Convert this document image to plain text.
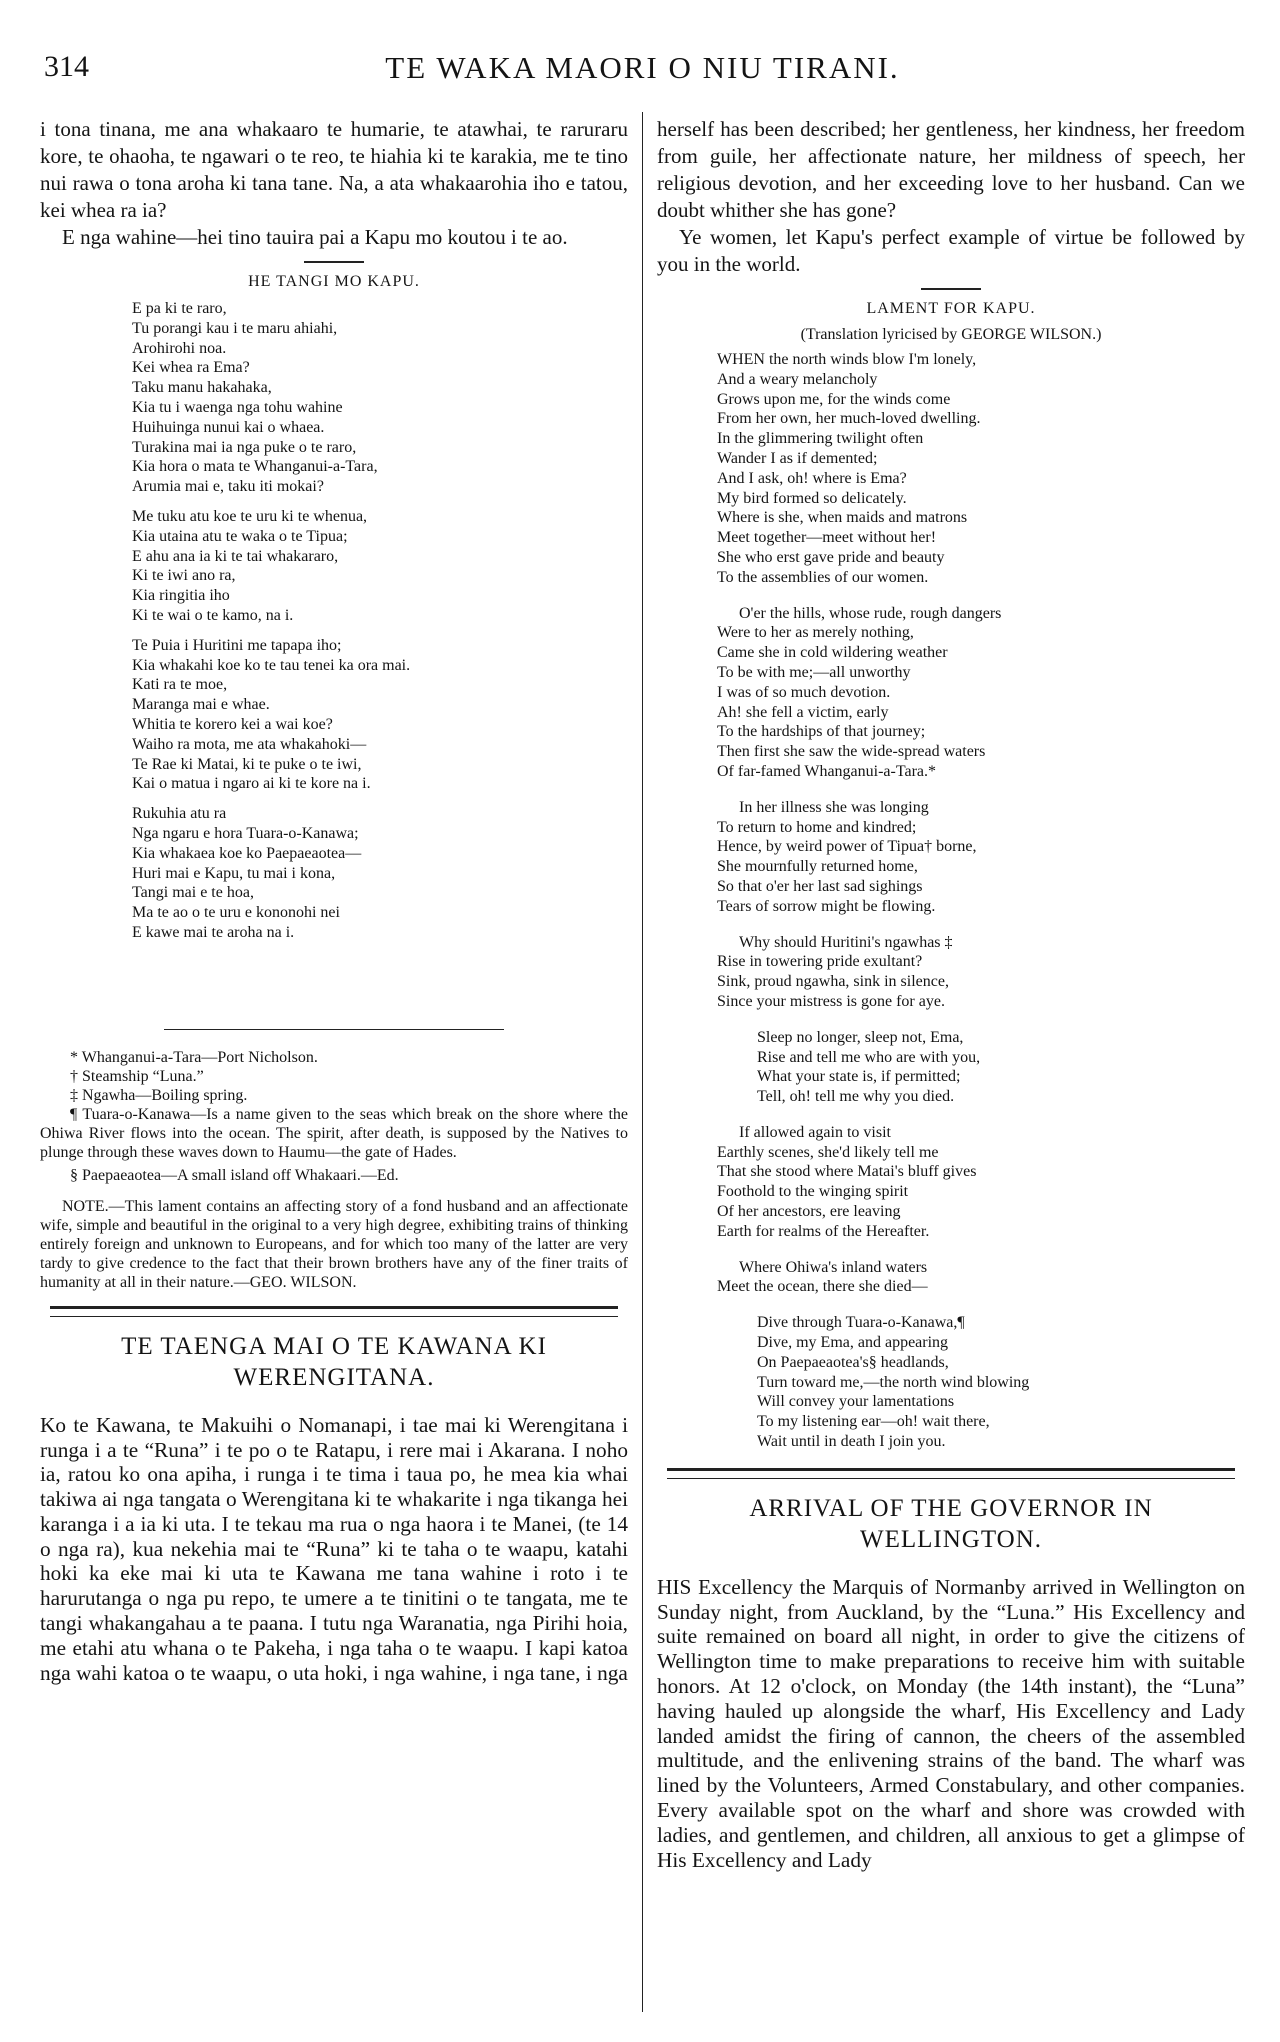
314	TE WAKA MAORI O NIU TIRANI.

i tona tinana, me ana whakaaro te humarie, te atawhai, te raruraru kore, te ohaoha, te ngawari o te reo, te hiahia ki te karakia, me te tino nui rawa o tona aroha ki tana tane. Na, a ata whakaarohia iho e tatou, kei whea ra ia?

E nga wahine—hei tino tauira pai a Kapu mo koutou i te ao.

HE TANGI MO KAPU.
E pa ki te raro,
Tu porangi kau i te maru ahiahi,
Arohirohi noa.
Kei whea ra Ema?
Taku manu hakahaka,
Kia tu i waenga nga tohu wahine
Huihuinga nunui kai o whaea.
Turakina mai ia nga puke o te raro,
Kia hora o mata te Whanganui-a-Tara,
Arumia mai e, taku iti mokai?
Me tuku atu koe te uru ki te whenua,
Kia utaina atu te waka o te Tipua;
E ahu ana ia ki te tai whakararo,
Ki te iwi ano ra,
Kia ringitia iho
Ki te wai o te kamo, na i.
Te Puia i Huritini me tapapa iho;
Kia whakahi koe ko te tau tenei ka ora mai.
Kati ra te moe,
Maranga mai e whae.
Whitia te korero kei a wai koe?
Waiho ra mota, me ata whakahoki—
Te Rae ki Matai, ki te puke o te iwi,
Kai o matua i ngaro ai ki te kore na i.
Rukuhia atu ra
Nga ngaru e hora Tuara-o-Kanawa;
Kia whakaea koe ko Paepaeaotea—
Huri mai e Kapu, tu mai i kona,
Tangi mai e te hoa,
Ma te ao o te uru e kononohi nei
E kawe mai te aroha na i.

* Whanganui-a-Tara—Port Nicholson.

† Steamship “Luna.”

‡ Ngawha—Boiling spring.

¶ Tuara-o-Kanawa—Is a name given to the seas which break on the shore where the Ohiwa River flows into the ocean. The spirit, after death, is supposed by the Natives to plunge through these waves down to Haumu—the gate of Hades.

§ Paepaeaotea—A small island off Whakaari.—Ed.

NOTE.—This lament contains an affecting story of a fond husband and an affectionate wife, simple and beautiful in the original to a very high degree, exhibiting trains of thinking entirely foreign and unknown to Europeans, and for which too many of the latter are very tardy to give credence to the fact that their brown brothers have any of the finer traits of humanity at all in their nature.—GEO. WILSON.

TE TAENGA MAI O TE KAWANA KI WERENGITANA.

Ko te Kawana, te Makuihi o Nomanapi, i tae mai ki Werengitana i runga i a te “Runa” i te po o te Ratapu, i rere mai i Akarana. I noho ia, ratou ko ona apiha, i runga i te tima i taua po, he mea kia whai takiwa ai nga tangata o Werengitana ki te whakarite i nga tikanga hei karanga i a ia ki uta. I te tekau ma rua o nga haora i te Manei, (te 14 o nga ra), kua nekehia mai te “Runa” ki te taha o te waapu, katahi hoki ka eke mai ki uta te Kawana me tana wahine i roto i te harurutanga o nga pu repo, te umere a te tinitini o te tangata, me te tangi whakangahau a te paana. I tutu nga Waranatia, nga Pirihi hoia, me etahi atu whana o te Pakeha, i nga taha o te waapu. I kapi katoa nga wahi katoa o te waapu, o uta hoki, i nga wahine, i nga tane, i nga

herself has been described; her gentleness, her kindness, her freedom from guile, her affectionate nature, her mildness of speech, her religious devotion, and her exceeding love to her husband. Can we doubt whither she has gone?

Ye women, let Kapu's perfect example of virtue be followed by you in the world.

LAMENT FOR KAPU.
(Translation lyricised by GEORGE WILSON.)
WHEN the north winds blow I'm lonely,
And a weary melancholy
Grows upon me, for the winds come
From her own, her much-loved dwelling.
In the glimmering twilight often
Wander I as if demented;
And I ask, oh! where is Ema?
My bird formed so delicately.
Where is she, when maids and matrons
Meet together—meet without her!
She who erst gave pride and beauty
To the assemblies of our women.
O'er the hills, whose rude, rough dangers
Were to her as merely nothing,
Came she in cold wildering weather
To be with me;—all unworthy
I was of so much devotion.
Ah! she fell a victim, early
To the hardships of that journey;
Then first she saw the wide-spread waters
Of far-famed Whanganui-a-Tara.*
In her illness she was longing
To return to home and kindred;
Hence, by weird power of Tipua† borne,
She mournfully returned home,
So that o'er her last sad sighings
Tears of sorrow might be flowing.
Why should Huritini's ngawhas ‡
Rise in towering pride exultant?
Sink, proud ngawha, sink in silence,
Since your mistress is gone for aye.
Sleep no longer, sleep not, Ema,
Rise and tell me who are with you,
What your state is, if permitted;
Tell, oh! tell me why you died.
If allowed again to visit
Earthly scenes, she'd likely tell me
That she stood where Matai's bluff gives
Foothold to the winging spirit
Of her ancestors, ere leaving
Earth for realms of the Hereafter.
Where Ohiwa's inland waters
Meet the ocean, there she died—
Dive through Tuara-o-Kanawa,¶
Dive, my Ema, and appearing
On Paepaeaotea's§ headlands,
Turn toward me,—the north wind blowing
Will convey your lamentations
To my listening ear—oh! wait there,
Wait until in death I join you.
ARRIVAL OF THE GOVERNOR IN WELLINGTON.

HIS Excellency the Marquis of Normanby arrived in Wellington on Sunday night, from Auckland, by the “Luna.” His Excellency and suite remained on board all night, in order to give the citizens of Wellington time to make preparations to receive him with suitable honors. At 12 o'clock, on Monday (the 14th instant), the “Luna” having hauled up alongside the wharf, His Excellency and Lady landed amidst the firing of cannon, the cheers of the assembled multitude, and the enlivening strains of the band. The wharf was lined by the Volunteers, Armed Constabulary, and other companies. Every available spot on the wharf and shore was crowded with ladies, and gentlemen, and children, all anxious to get a glimpse of His Excellency and Lady
